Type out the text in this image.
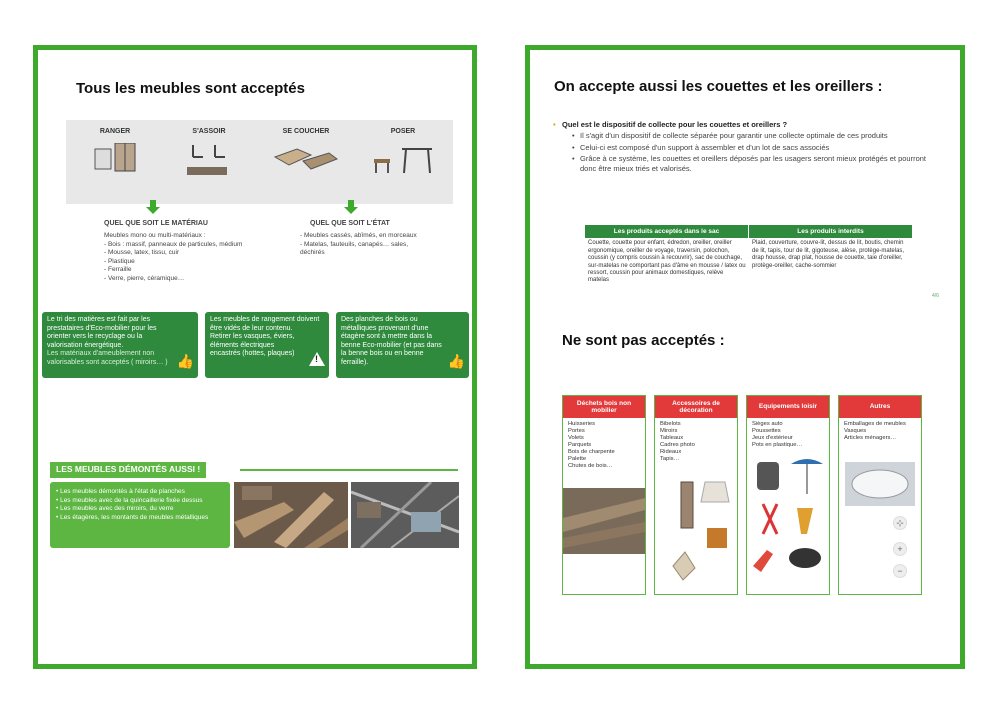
Tous les meubles sont acceptés
RANGER	S'ASSOIR	SE COUCHER	POSER
QUEL QUE SOIT LE MATÉRIAU
Meubles mono ou multi-matériaux :
- Bois : massif, panneaux de particules, médium
- Mousse, latex, tissu, cuir
- Plastique
- Ferraille
- Verre, pierre, céramique…
QUEL QUE SOIT L'ÉTAT
- Meubles cassés, abîmés, en morceaux
- Matelas, fauteuils, canapés… sales,
déchirés
Le tri des matières est fait par les prestataires d'Eco-mobilier pour les orienter vers le recyclage ou la valorisation énergétique.
Les matériaux d'ameublement non valorisables sont acceptés ( miroirs… ) 👍
Les meubles de rangement doivent être vidés de leur contenu.
Retirer les vasques, éviers, éléments électriques encastrés (hottes, plaques)
!
Des planches de bois ou métalliques provenant d'une étagère sont à mettre dans la benne Eco-mobilier (et pas dans la benne bois ou en benne ferraille).	👍
LES MEUBLES DÉMONTÉS AUSSI !
• Les meubles démontés à l'état de planches
• Les meubles avec de la quincaillerie fixée dessus
• Les meubles avec des miroirs, du verre
• Les étagères, les montants de meubles métalliques
On accepte aussi les couettes et les oreillers :
• Quel est le dispositif de collecte pour les couettes et oreillers ?
• Il s'agit d'un dispositif de collecte séparée pour garantir une collecte optimale de ces produits
• Celui-ci est composé d'un support à assembler et d'un lot de sacs associés
• Grâce à ce système, les couettes et oreillers déposés par les usagers seront mieux protégés et pourront donc être mieux triés et valorisés.
Les produits acceptés dans le sac	Les produits interdits
Couette, couette pour enfant, édredon, oreiller, oreiller ergonomique, oreiller de voyage, traversin, polochon, coussin (y compris coussin à recouvrir), sac de couchage, sur-matelas ne comportant pas d'âme en mousse / latex ou ressort, coussin pour animaux domestiques, relève matelas
Plaid, couverture, couvre-lit, dessus de lit, boutis, chemin de lit, tapis, tour de lit, gigoteuse, alèse, protège-matelas, drap housse, drap plat, housse de couette, taie d'oreiller, protège-oreiller, cache-sommier
4/6
Ne sont pas acceptés :
Déchets bois non mobilier
Huisseries
Portes
Volets
Parquets
Bois de charpente
Palette
Chutes de bois…
Accessoires de décoration
Bibelots
Miroirs
Tableaux
Cadres photo
Rideaux
Tapis…
Equipements loisir
Sièges auto
Poussettes
Jeux d'extérieur
Pots en plastique…
Autres
Emballages de meubles
Vasques
Articles ménagers…
⊹
+
−
